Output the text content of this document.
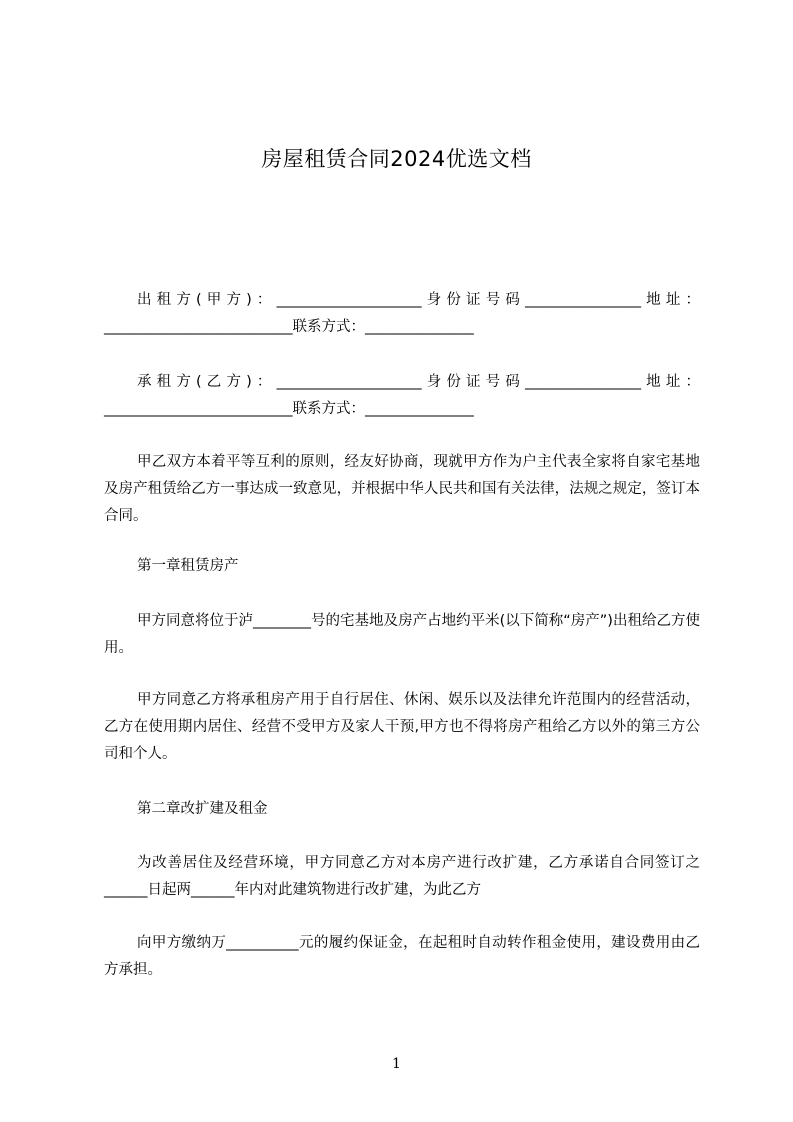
房屋租赁合同2024优选文档
出租方(甲方)：____________________身份证号码________________地址：__________________________联系方式：_______________
承租方(乙方)：____________________身份证号码________________地址：__________________________联系方式：_______________
甲乙双方本着平等互利的原则，经友好协商，现就甲方作为户主代表全家将自家宅基地及房产租赁给乙方一事达成一致意见，并根据中华人民共和国有关法律，法规之规定，签订本合同。
第一章租赁房产
甲方同意将位于泸________号的宅基地及房产占地约平米(以下简称“房产”)出租给乙方使用。
甲方同意乙方将承租房产用于自行居住、休闲、娱乐以及法律允许范围内的经营活动，乙方在使用期内居住、经营不受甲方及家人干预,甲方也不得将房产租给乙方以外的第三方公司和个人。
第二章改扩建及租金
为改善居住及经营环境，甲方同意乙方对本房产进行改扩建，乙方承诺自合同签订之______日起两______年内对此建筑物进行改扩建，为此乙方
向甲方缴纳万__________元的履约保证金，在起租时自动转作租金使用，建设费用由乙方承担。
1
